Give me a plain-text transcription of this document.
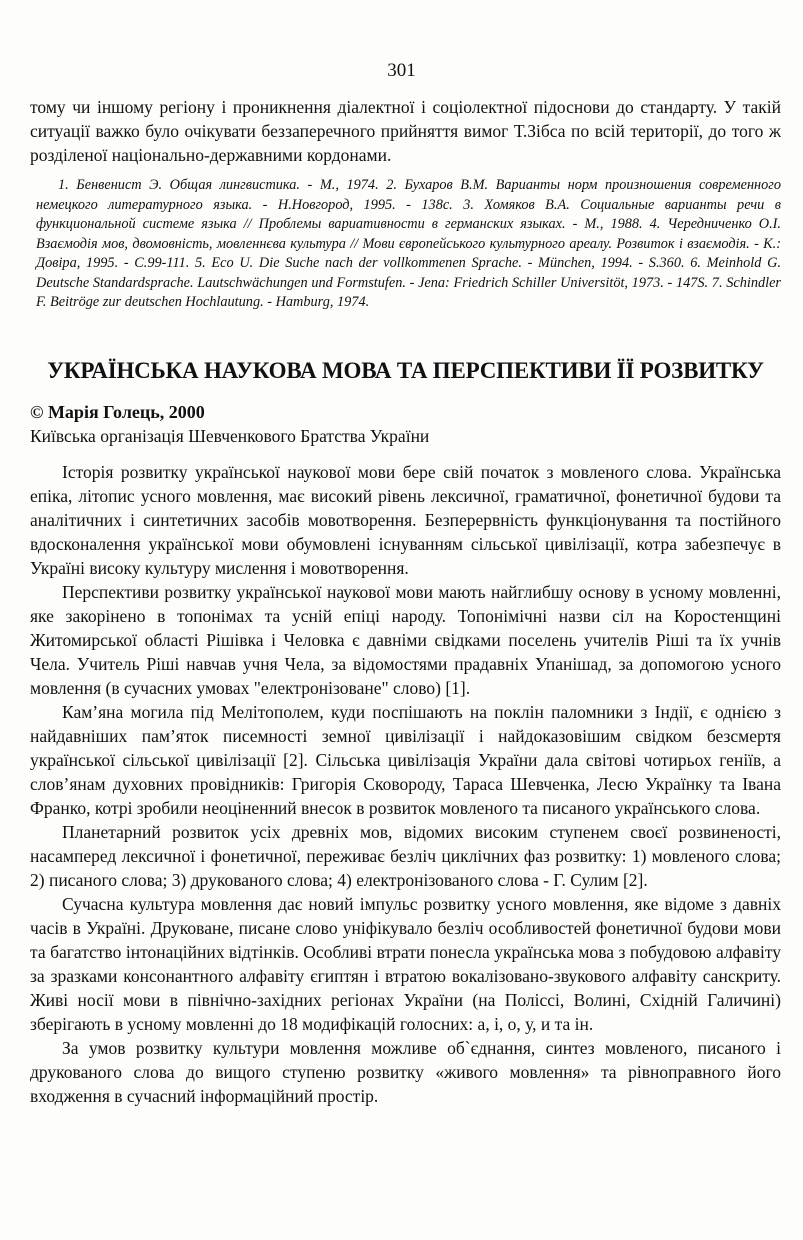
301

тому чи іншому регіону і проникнення діалектної і соціолектної підоснови до стандарту. У такій ситуації важко було очікувати беззаперечного прийняття вимог Т.Зібса по всій території, до того ж розділеної національно-державними кордонами.

1. Бенвенист Э. Общая лингвистика. - М., 1974. 2. Бухаров В.М. Варианты норм произношения современного немецкого литературного языка. - Н.Новгород, 1995. - 138с. 3. Хомяков В.А. Социальные варианты речи в функциональной системе языка // Проблемы вариативности в германских языках. - М., 1988. 4. Чередниченко О.І. Взаємодія мов, двомовність, мовленнєва культура // Мови європейського культурного ареалу. Розвиток і взаємодія. - К.: Довіра, 1995. - С.99-111. 5. Eco U. Die Suche nach der vollkommenen Sprache. - München, 1994. - S.360. 6. Meinhold G. Deutsche Standardsprache. Lautschwächungen und Formstufen. - Jena: Friedrich Schiller Universitöt, 1973. - 147S. 7. Schindler F. Beitröge zur deutschen Hochlautung. - Hamburg, 1974.

УКРАЇНСЬКА НАУКОВА МОВА ТА ПЕРСПЕКТИВИ ЇЇ РОЗВИТКУ
© Марія Голець, 2000
Київська організація Шевченкового Братства України

Історія розвитку української наукової мови бере свій початок з мовленого слова. Українська епіка, літопис усного мовлення, має високий рівень лексичної, граматичної, фонетичної будови та аналітичних і синтетичних засобів мовотворення. Безперервність функціонування та постійного вдосконалення української мови обумовлені існуванням сільської цивілізації, котра забезпечує в Україні високу культуру мислення і мовотворення.

Перспективи розвитку української наукової мови мають найглибшу основу в усному мовленні, яке закорінено в топонімах та усній епіці народу. Топонімічні назви сіл на Коростенщині Житомирської області Рішівка і Человка є давніми свідками поселень учителів Ріші та їх учнів Чела. Учитель Ріші навчав учня Чела, за відомостями прадавніх Упанішад, за допомогою усного мовлення (в сучасних умовах "електронізоване" слово) [1].

Кам’яна могила під Мелітополем, куди поспішають на поклін паломники з Індії, є однією з найдавніших пам’яток писемності земної цивілізації і найдоказовішим свідком безсмертя української сільської цивілізації [2]. Сільська цивілізація України дала світові чотирьох геніїв, а слов’янам духовних провідників: Григорія Сковороду, Тараса Шевченка, Лесю Українку та Івана Франко, котрі зробили неоціненний внесок в розвиток мовленого та писаного українського слова.

Планетарний розвиток усіх древніх мов, відомих високим ступенем своєї розвиненості, насамперед лексичної і фонетичної, переживає безліч циклічних фаз розвитку: 1) мовленого слова; 2) писаного слова; 3) друкованого слова; 4) електронізованого слова - Г. Сулим [2].

Сучасна культура мовлення дає новий імпульс розвитку усного мовлення, яке відоме з давніх часів в Україні. Друковане, писане слово уніфікувало безліч особливостей фонетичної будови мови та багатство інтонаційних відтінків. Особливі втрати понесла українська мова з побудовою алфавіту за зразками консонантного алфавіту єгиптян і втратою вокалізовано-звукового алфавіту санскриту. Живі носії мови в північно-західних регіонах України (на Поліссі, Волині, Східній Галичині) зберігають в усному мовленні до 18 модифікацій голосних: а, і, о, у, и та ін.

За умов розвитку культури мовлення можливе об`єднання, синтез мовленого, писаного і друкованого слова до вищого ступеню розвитку «живого мовлення» та рівноправного його входження в сучасний інформаційний простір.
